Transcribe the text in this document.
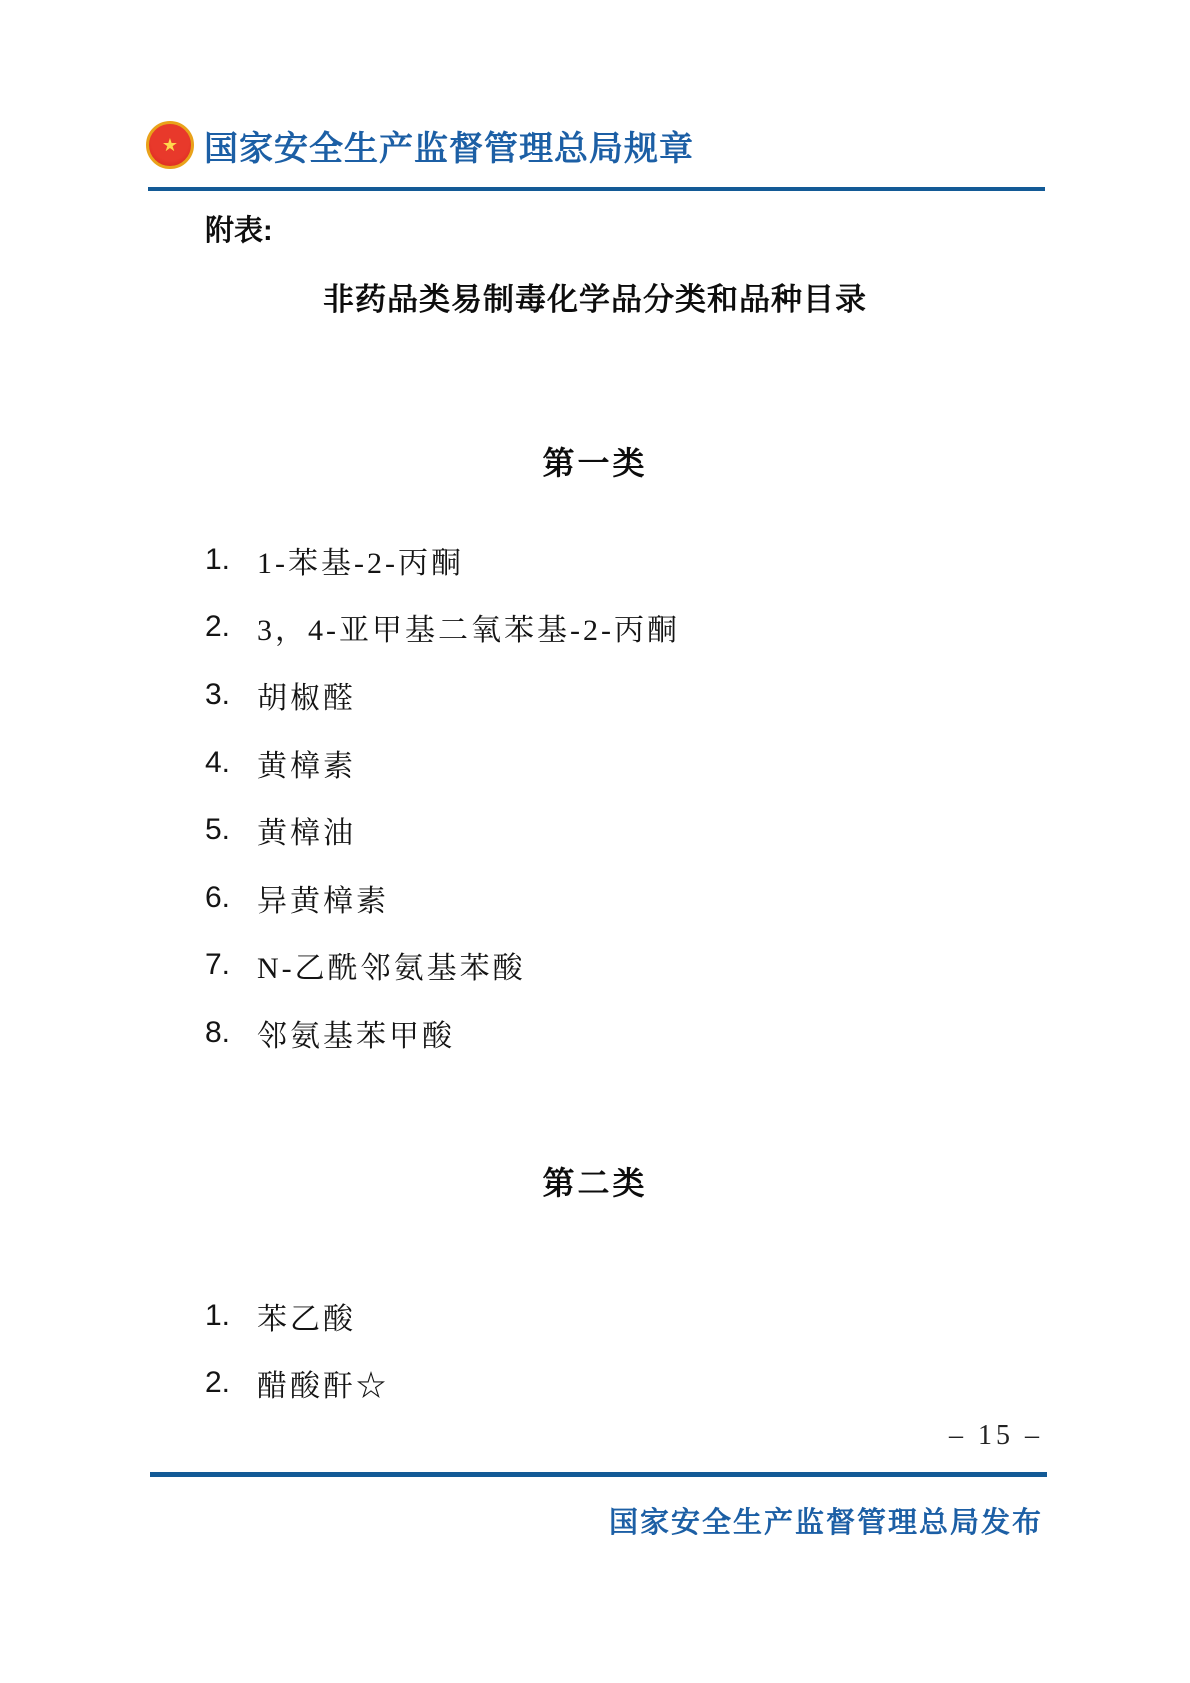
★ 国家安全生产监督管理总局规章
附表:
非药品类易制毒化学品分类和品种目录
第一类
1. 1-苯基-2-丙酮
2. 3，4-亚甲基二氧苯基-2-丙酮
3. 胡椒醛
4. 黄樟素
5. 黄樟油
6. 异黄樟素
7. N-乙酰邻氨基苯酸
8. 邻氨基苯甲酸
第二类
1. 苯乙酸
2. 醋酸酐☆
– 15 –
国家安全生产监督管理总局发布
